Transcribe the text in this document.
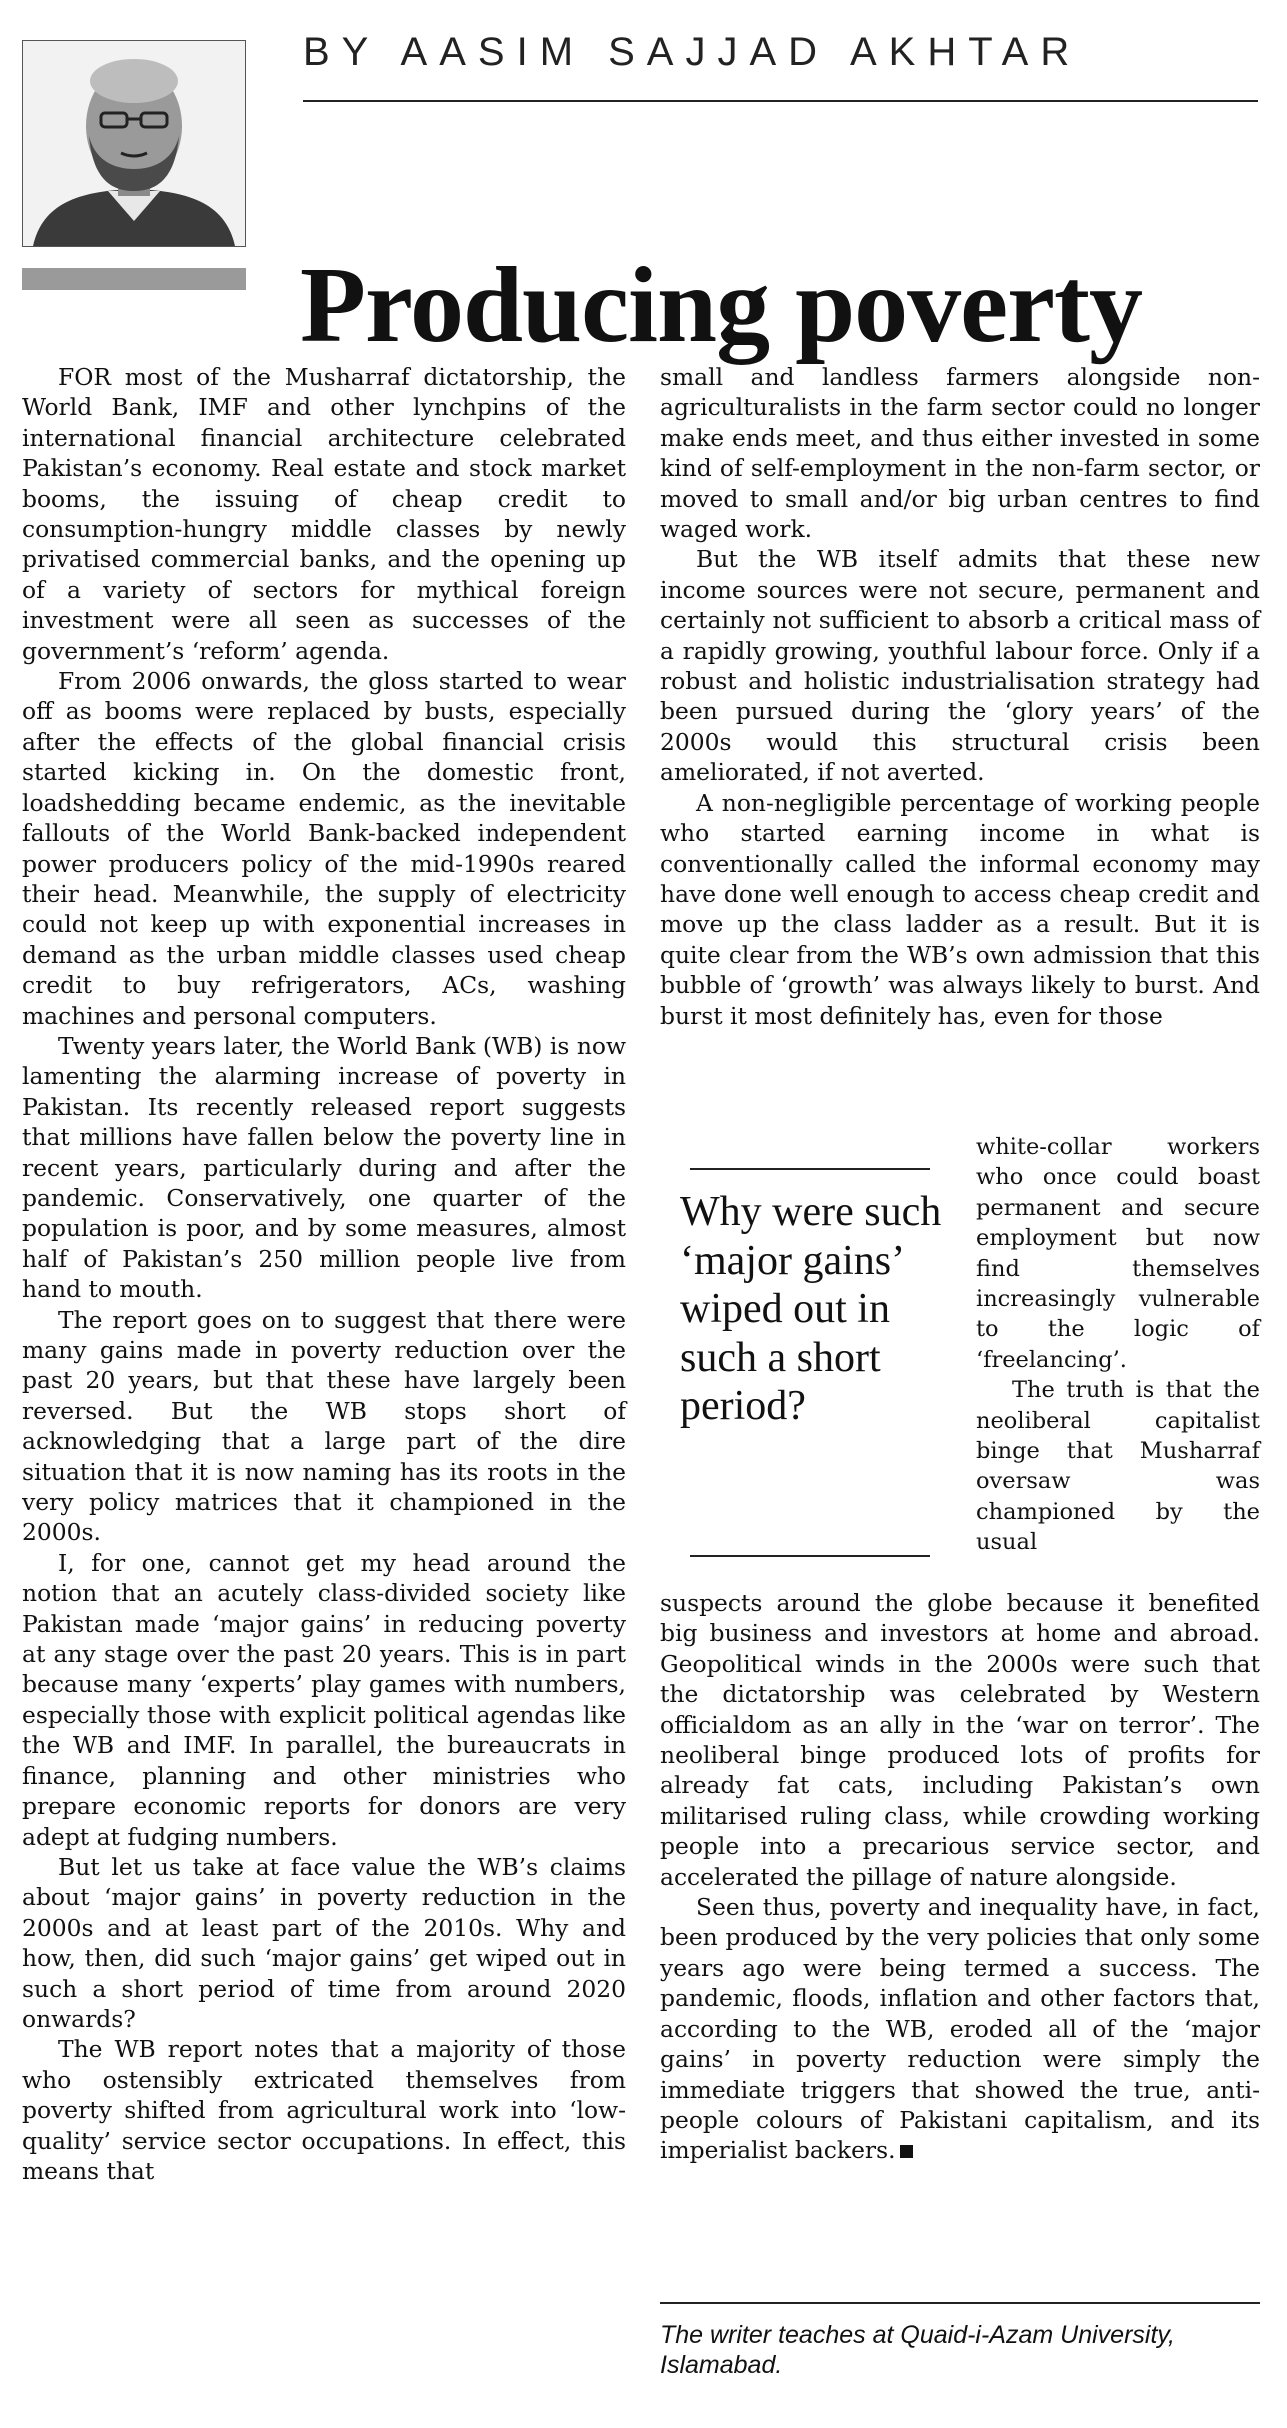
BY AASIM SAJJAD AKHTAR
Producing poverty

FOR most of the Musharraf dictatorship, the World Bank, IMF and other lynchpins of the international financial architecture celebrated Pakistan’s economy. Real estate and stock market booms, the issuing of cheap credit to consumption-hungry middle classes by newly privatised commercial banks, and the opening up of a variety of sectors for mythical foreign investment were all seen as successes of the government’s ‘reform’ agenda.

From 2006 onwards, the gloss started to wear off as booms were replaced by busts, especially after the effects of the global financial crisis started kicking in. On the domestic front, loadshedding became endemic, as the inevitable fallouts of the World Bank-backed independent power producers policy of the mid-1990s reared their head. Meanwhile, the supply of electricity could not keep up with exponential increases in demand as the urban middle classes used cheap credit to buy refrigerators, ACs, washing machines and personal computers.

Twenty years later, the World Bank (WB) is now lamenting the alarming increase of poverty in Pakistan. Its recently released report suggests that millions have fallen below the poverty line in recent years, particularly during and after the pandemic. Conservatively, one quarter of the population is poor, and by some measures, almost half of Pakistan’s 250 million people live from hand to mouth.

The report goes on to suggest that there were many gains made in poverty reduction over the past 20 years, but that these have largely been reversed. But the WB stops short of acknowledging that a large part of the dire situation that it is now naming has its roots in the very policy matrices that it championed in the 2000s.

I, for one, cannot get my head around the notion that an acutely class-divided society like Pakistan made ‘major gains’ in reducing poverty at any stage over the past 20 years. This is in part because many ‘experts’ play games with numbers, especially those with explicit political agendas like the WB and IMF. In parallel, the bureaucrats in finance, planning and other ministries who prepare economic reports for donors are very adept at fudging numbers.

But let us take at face value the WB’s claims about ‘major gains’ in poverty reduction in the 2000s and at least part of the 2010s. Why and how, then, did such ‘major gains’ get wiped out in such a short period of time from around 2020 onwards?

The WB report notes that a majority of those who ostensibly extricated themselves from poverty shifted from agricultural work into ‘low-quality’ service sector occupations. In effect, this means that

small and landless farmers alongside non-agriculturalists in the farm sector could no longer make ends meet, and thus either invested in some kind of self-employment in the non-farm sector, or moved to small and/or big urban centres to find waged work.

But the WB itself admits that these new income sources were not secure, permanent and certainly not sufficient to absorb a critical mass of a rapidly growing, youthful labour force. Only if a robust and holistic industrialisation strategy had been pursued during the ‘glory years’ of the 2000s would this structural crisis been ameliorated, if not averted.

A non-negligible percentage of working people who started earning income in what is conventionally called the informal economy may have done well enough to access cheap credit and move up the class ladder as a result. But it is quite clear from the WB’s own admission that this bubble of ‘growth’ was always likely to burst. And burst it most definitely has, even for those

Why were such ‘major gains’ wiped out in such a short period?

white-collar workers who once could boast permanent and secure employment but now find themselves increasingly vulnerable to the logic of ‘freelancing’.

The truth is that the neoliberal capitalist binge that Musharraf oversaw was championed by the usual

suspects around the globe because it benefited big business and investors at home and abroad. Geopolitical winds in the 2000s were such that the dictatorship was celebrated by Western officialdom as an ally in the ‘war on terror’. The neoliberal binge produced lots of profits for already fat cats, including Pakistan’s own militarised ruling class, while crowding working people into a precarious service sector, and accelerated the pillage of nature alongside.

Seen thus, poverty and inequality have, in fact, been produced by the very policies that only some years ago were being termed a success. The pandemic, floods, inflation and other factors that, according to the WB, eroded all of the ‘major gains’ in poverty reduction were simply the immediate triggers that showed the true, anti-people colours of Pakistani capitalism, and its imperialist backers.

The writer teaches at Quaid-i-Azam University, Islamabad.
